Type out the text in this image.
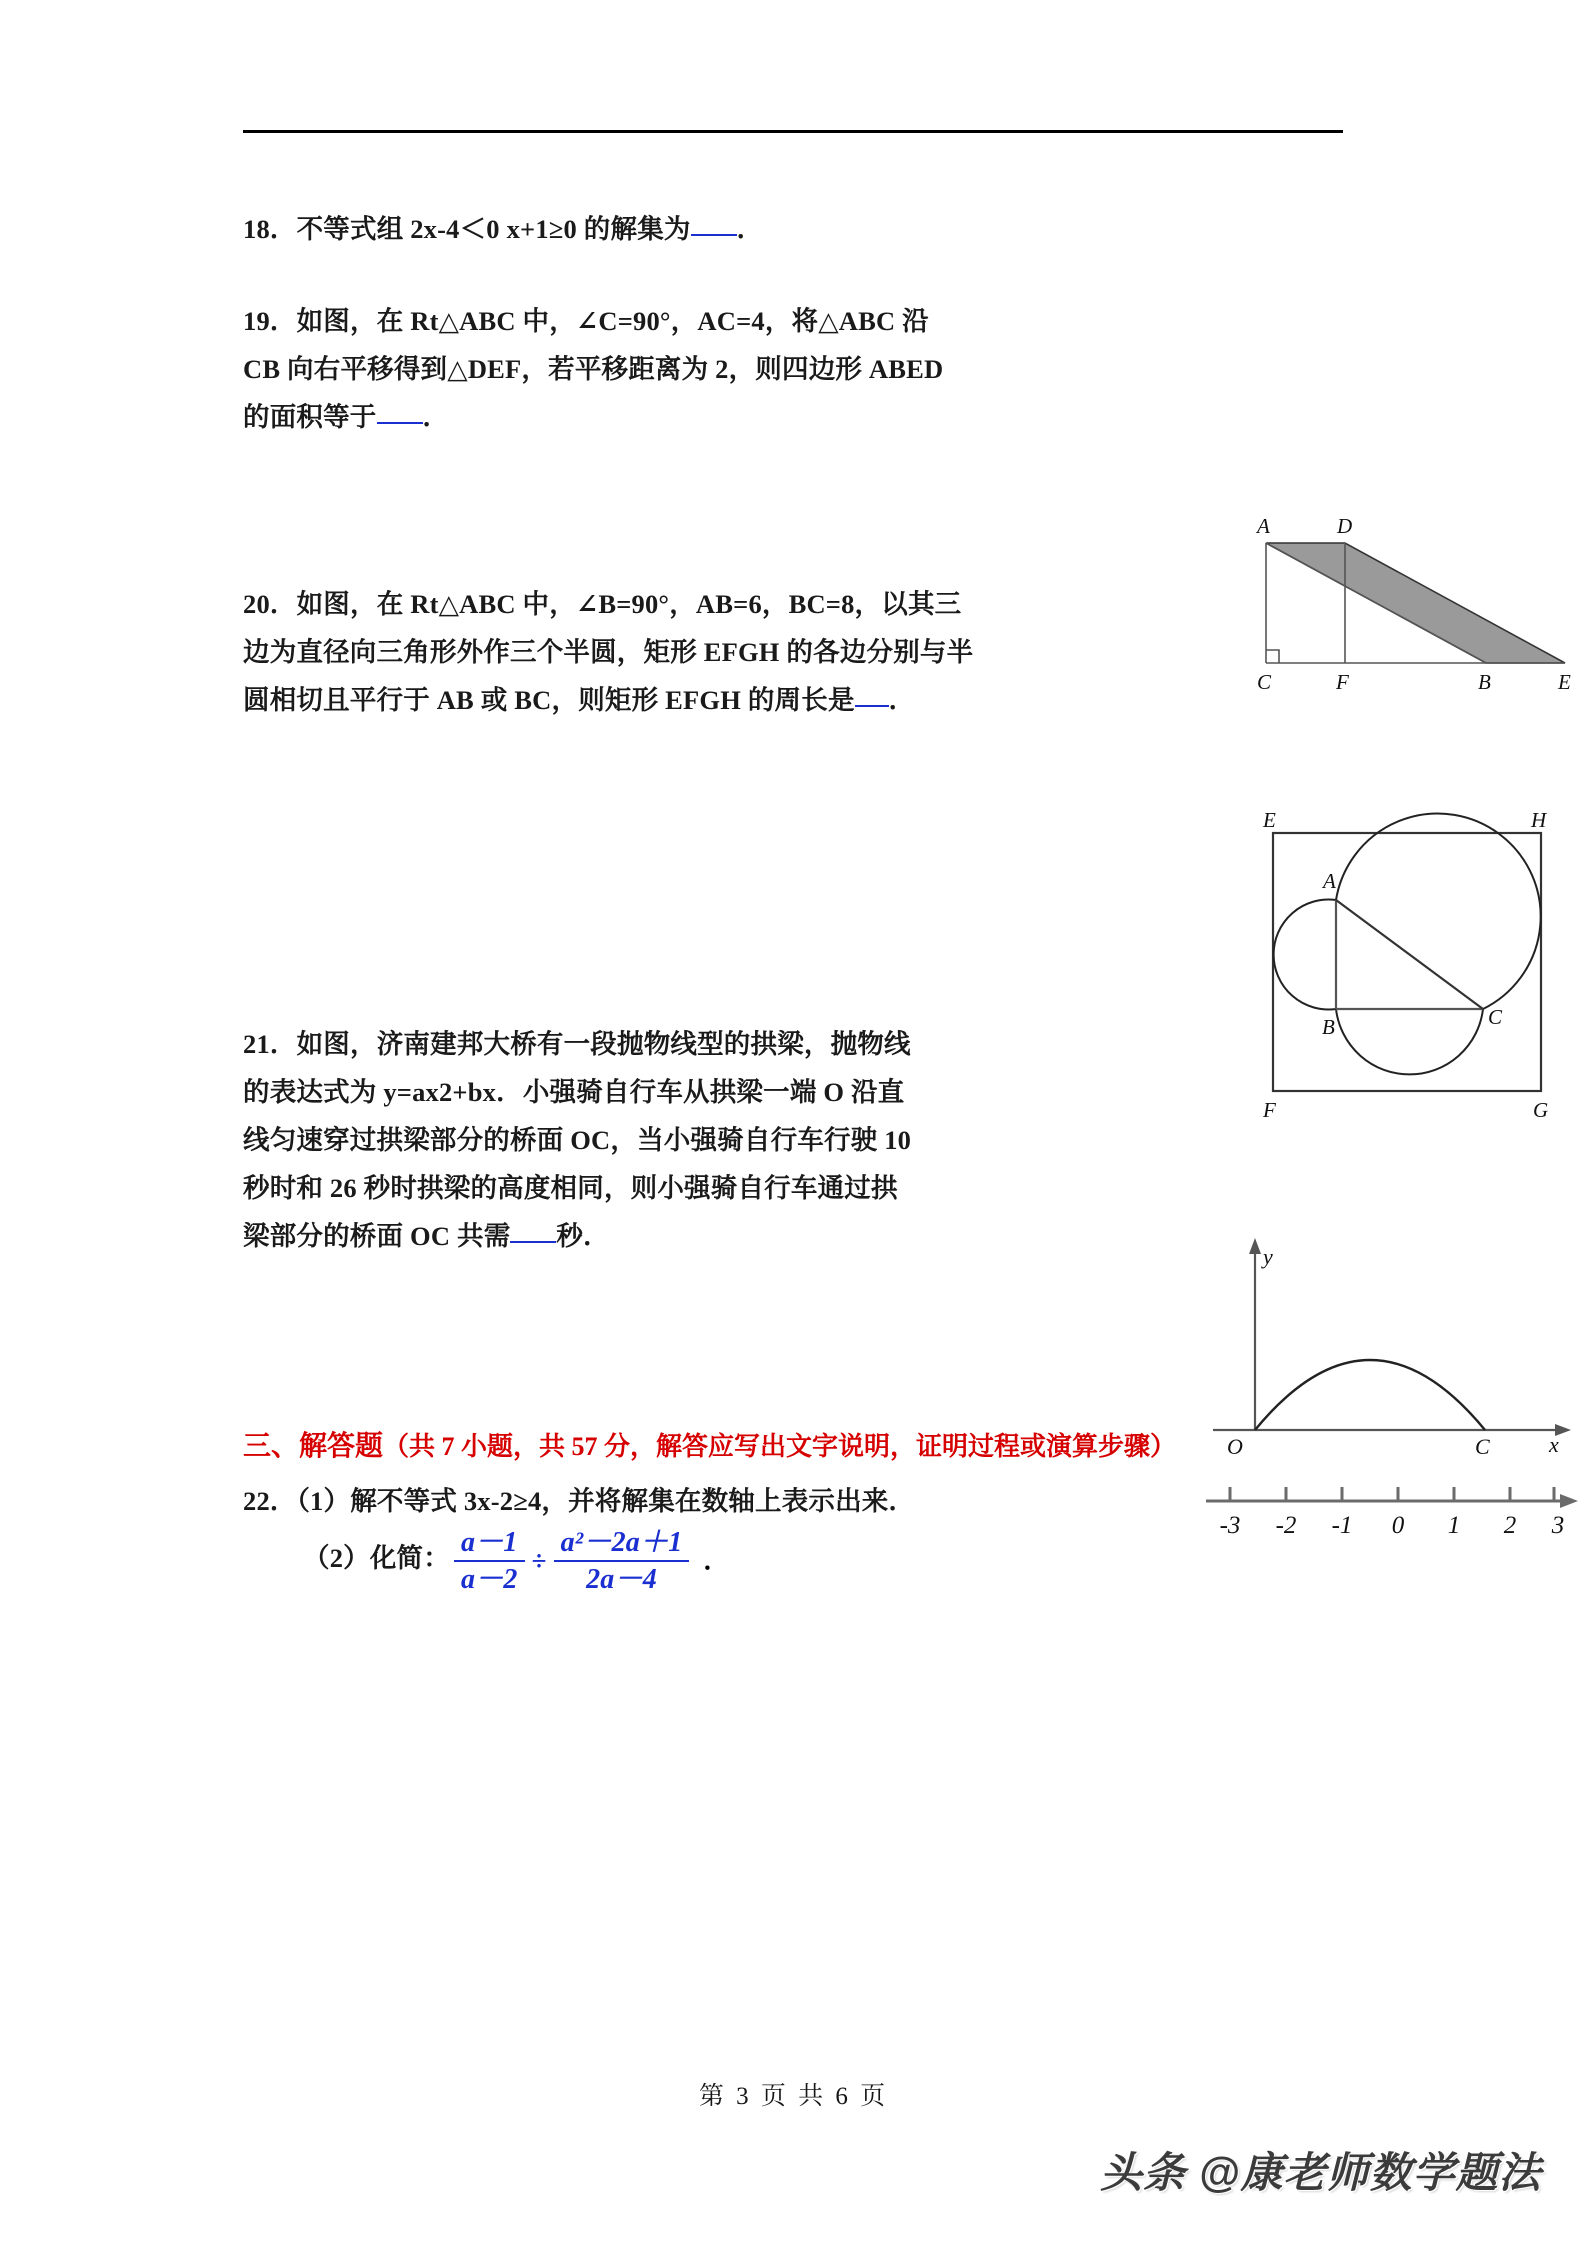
18．不等式组 2x-4＜0 x+1≥0 的解集为 ．
19．如图，在 Rt△ABC 中，∠C=90°，AC=4，将△ABC 沿
CB 向右平移得到△DEF，若平移距离为 2，则四边形 ABED
的面积等于 ．
A	D
C	F	B	E
20．如图，在 Rt△ABC 中，∠B=90°，AB=6，BC=8，以其三
边为直径向三角形外作三个半圆，矩形 EFGH 的各边分别与半
圆相切且平行于 AB 或 BC，则矩形 EFGH 的周长是 ．
E	H
F	G
A
B	C
21．如图，济南建邦大桥有一段抛物线型的拱梁，抛物线
的表达式为 y=ax2+bx．小强骑自行车从拱梁一端 O 沿直
线匀速穿过拱梁部分的桥面 OC，当小强骑自行车行驶 10
秒时和 26 秒时拱梁的高度相同，则小强骑自行车通过拱
梁部分的桥面 OC 共需 秒．
y
x
O	C
三、解答题（共 7 小题，共 57 分，解答应写出文字说明，证明过程或演算步骤）
22．（1）解不等式 3x-2≥4，并将解集在数轴上表示出来．
-3 -2 -1 0 1 2 3
（2）化简： $\frac{a-1}{a-2} \div \frac{\text{a²－2a＋1}}{2a-4}$ ．
第 3 页 共 6 页
头条 @康老师数学题法
